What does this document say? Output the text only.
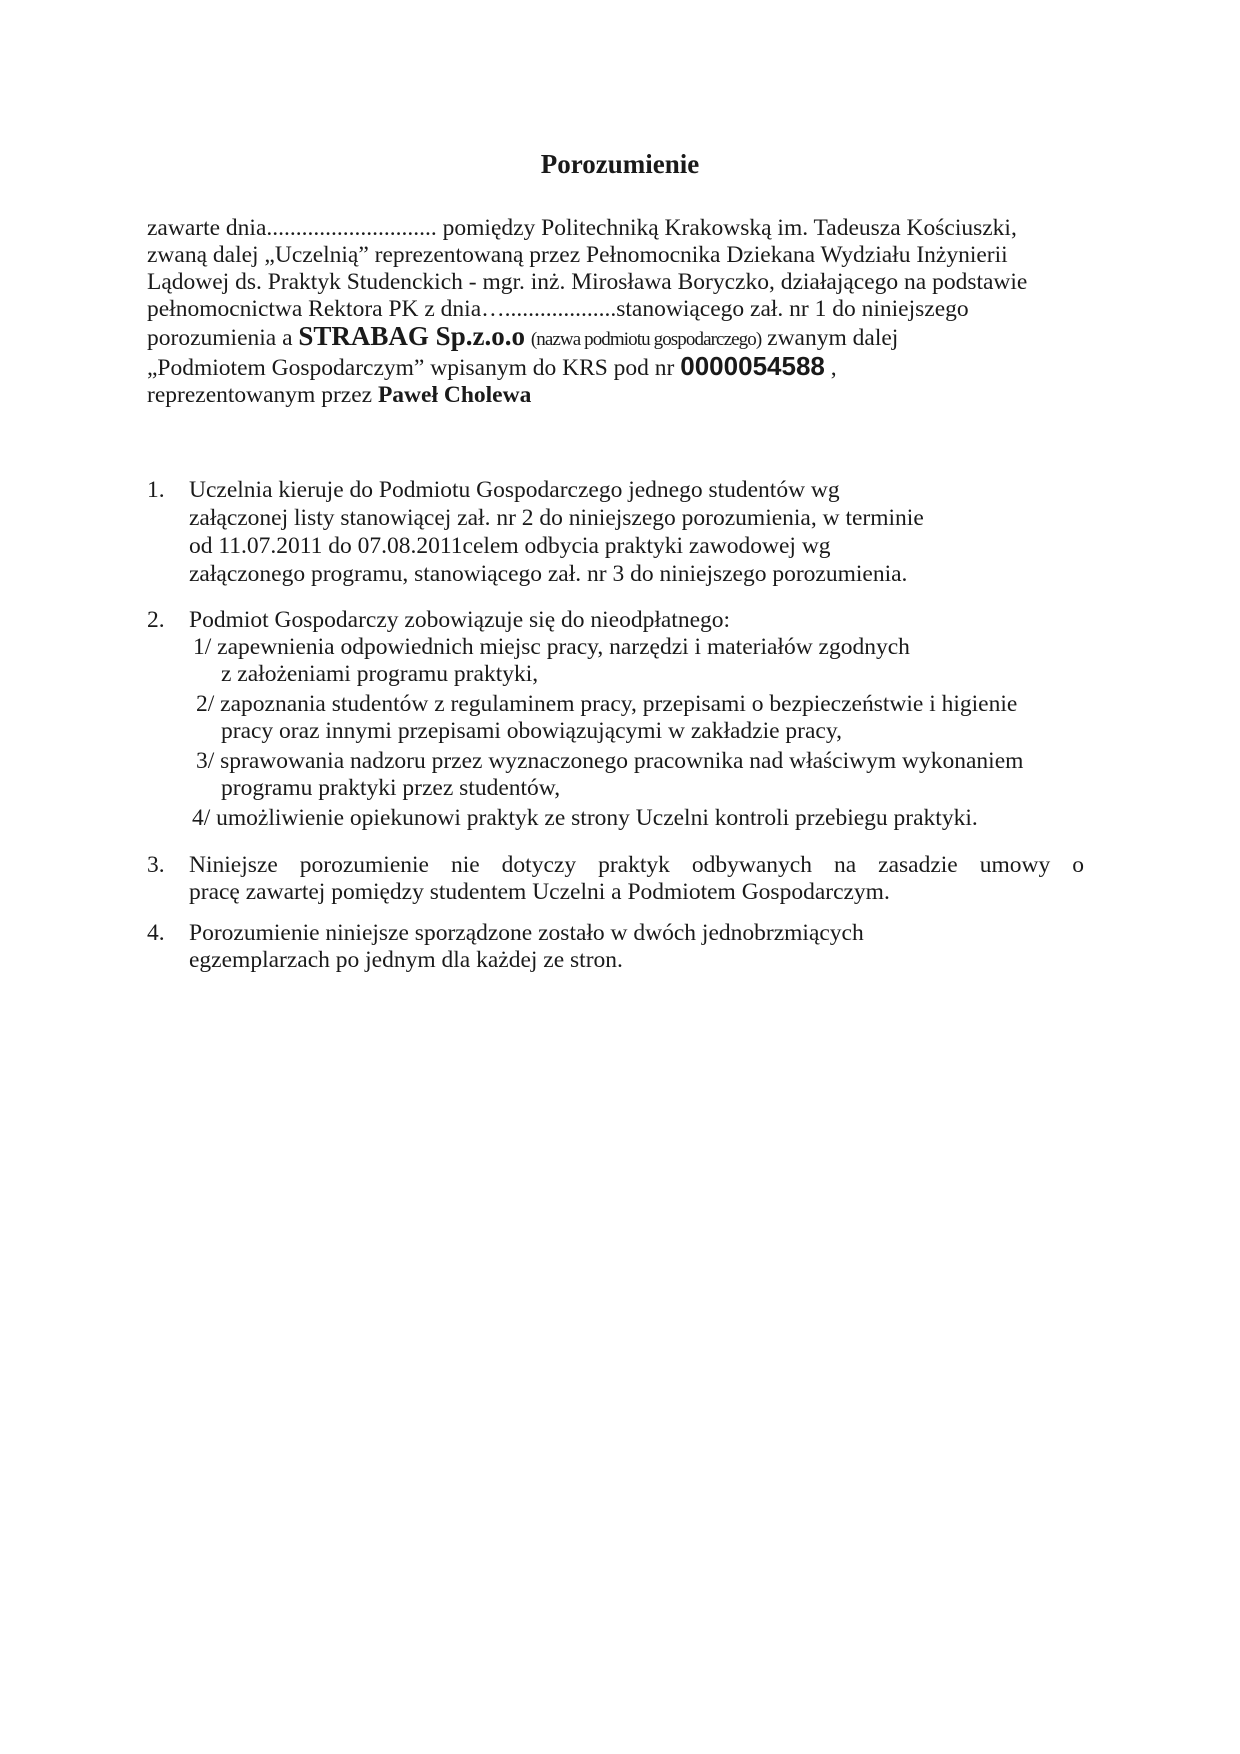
Porozumienie
zawarte dnia............................. pomiędzy Politechniką Krakowską im. Tadeusza Kościuszki,
zwaną dalej „Uczelnią” reprezentowaną przez Pełnomocnika Dziekana Wydziału Inżynierii
Lądowej ds. Praktyk Studenckich - mgr. inż. Mirosława Boryczko, działającego na podstawie
pełnomocnictwa Rektora PK z dnia…...................stanowiącego zał. nr 1 do niniejszego
porozumienia a STRABAG Sp.z.o.o (nazwa podmiotu gospodarczego) zwanym dalej
„Podmiotem Gospodarczym” wpisanym do KRS pod nr 0000054588 ,
reprezentowanym przez Paweł Cholewa
1. Uczelnia kieruje do Podmiotu Gospodarczego jednego studentów wg
załączonej listy stanowiącej zał. nr 2 do niniejszego porozumienia, w terminie
od 11.07.2011 do 07.08.2011celem odbycia praktyki zawodowej wg
załączonego programu, stanowiącego zał. nr 3 do niniejszego porozumienia.
2. Podmiot Gospodarczy zobowiązuje się do nieodpłatnego:
1/ zapewnienia odpowiednich miejsc pracy, narzędzi i materiałów zgodnych
z założeniami programu praktyki,
2/ zapoznania studentów z regulaminem pracy, przepisami o bezpieczeństwie i higienie
pracy oraz innymi przepisami obowiązującymi w zakładzie pracy,
3/ sprawowania nadzoru przez wyznaczonego pracownika nad właściwym wykonaniem
programu praktyki przez studentów,
4/ umożliwienie opiekunowi praktyk ze strony Uczelni kontroli przebiegu praktyki.
3. Niniejsze porozumienie nie dotyczy praktyk odbywanych na zasadzie umowy o
pracę zawartej pomiędzy studentem Uczelni a Podmiotem Gospodarczym.
4. Porozumienie niniejsze sporządzone zostało w dwóch jednobrzmiących
egzemplarzach po jednym dla każdej ze stron.
